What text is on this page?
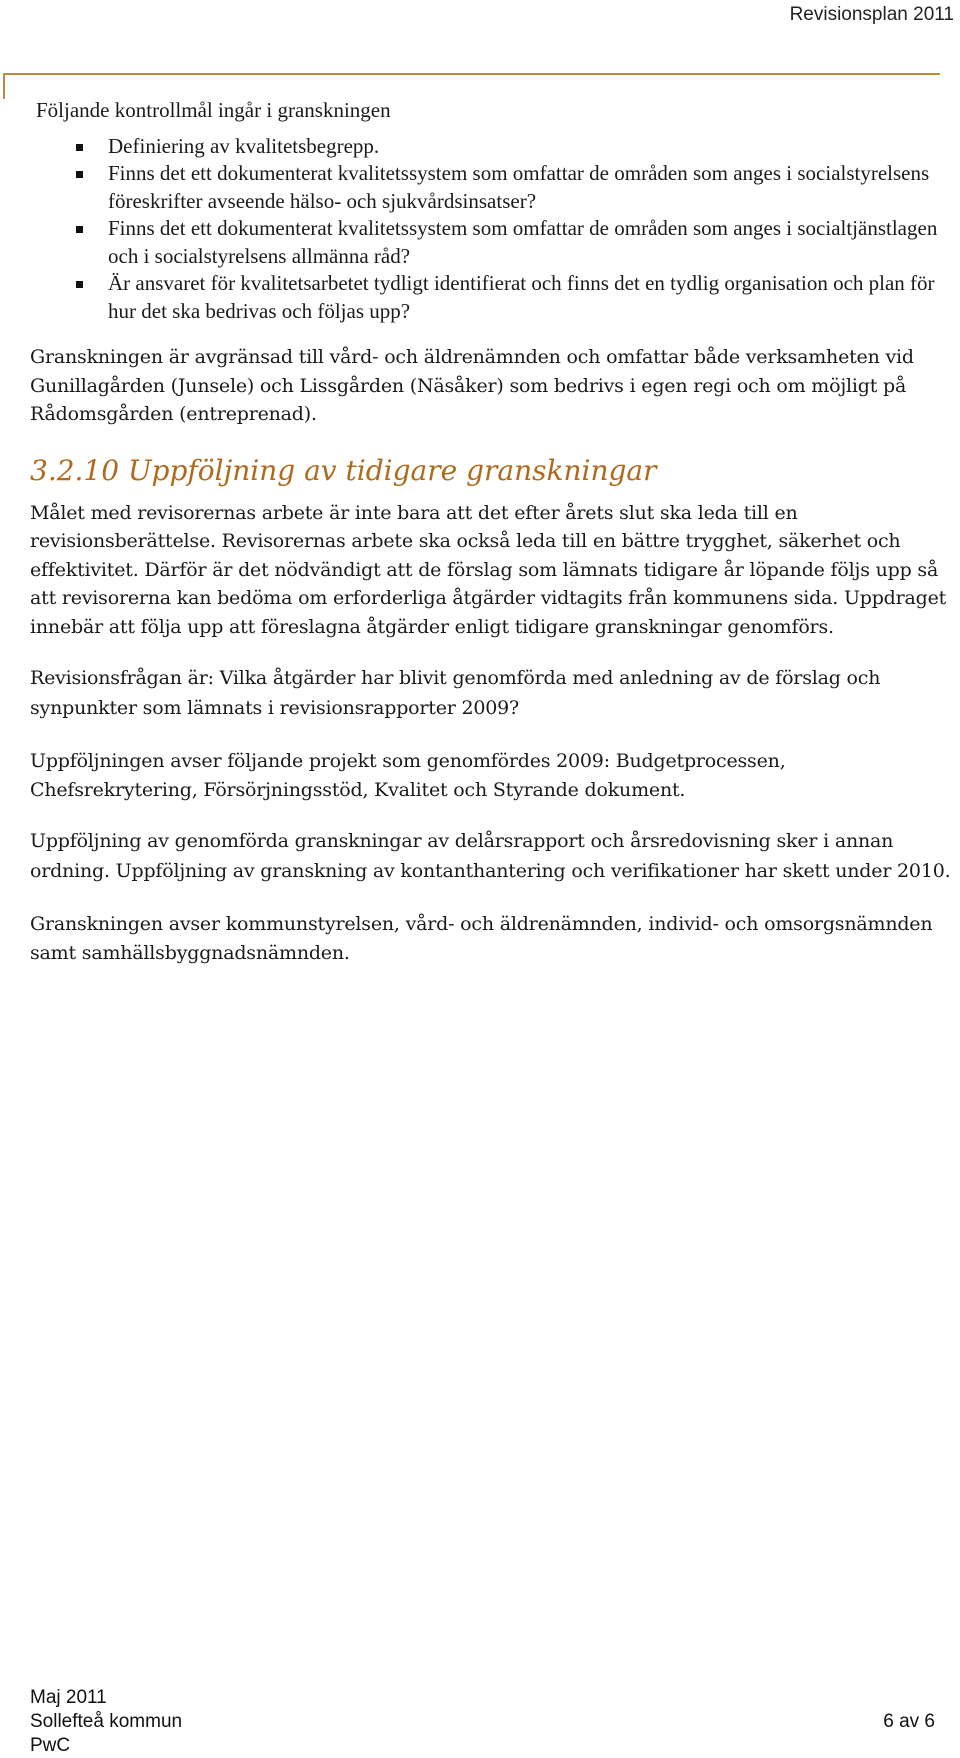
Revisionsplan 2011

Följande kontrollmål ingår i granskningen

Definiering av kvalitetsbegrepp.
Finns det ett dokumenterat kvalitetssystem som omfattar de områden som anges i socialstyrelsens föreskrifter avseende hälso- och sjukvårdsinsatser?
Finns det ett dokumenterat kvalitetssystem som omfattar de områden som anges i socialtjänstlagen och i socialstyrelsens allmänna råd?
Är ansvaret för kvalitetsarbetet tydligt identifierat och finns det en tydlig organisation och plan för hur det ska bedrivas och följas upp?

Granskningen är avgränsad till vård- och äldrenämnden och omfattar både verksamheten vid Gunillagården (Junsele) och Lissgården (Näsåker) som bedrivs i egen regi och om möjligt på Rådomsgården (entreprenad).

3.2.10 Uppföljning av tidigare granskningar

Målet med revisorernas arbete är inte bara att det efter årets slut ska leda till en revisionsberättelse. Revisorernas arbete ska också leda till en bättre trygghet, säkerhet och effektivitet. Därför är det nödvändigt att de förslag som lämnats tidigare år löpande följs upp så att revisorerna kan bedöma om erforderliga åtgärder vidtagits från kommunens sida. Uppdraget innebär att följa upp att föreslagna åtgärder enligt tidigare granskningar genomförs.

Revisionsfrågan är: Vilka åtgärder har blivit genomförda med anledning av de förslag och synpunkter som lämnats i revisionsrapporter 2009?

Uppföljningen avser följande projekt som genomfördes 2009: Budgetprocessen, Chefsrekrytering, Försörjningsstöd, Kvalitet och Styrande dokument.

Uppföljning av genomförda granskningar av delårsrapport och årsredovisning sker i annan ordning. Uppföljning av granskning av kontanthantering och verifikationer har skett under 2010.

Granskningen avser kommunstyrelsen, vård- och äldrenämnden, individ- och omsorgsnämnden samt samhällsbyggnadsnämnden.

Maj 2011
Sollefteå kommun
PwC
6 av 6
